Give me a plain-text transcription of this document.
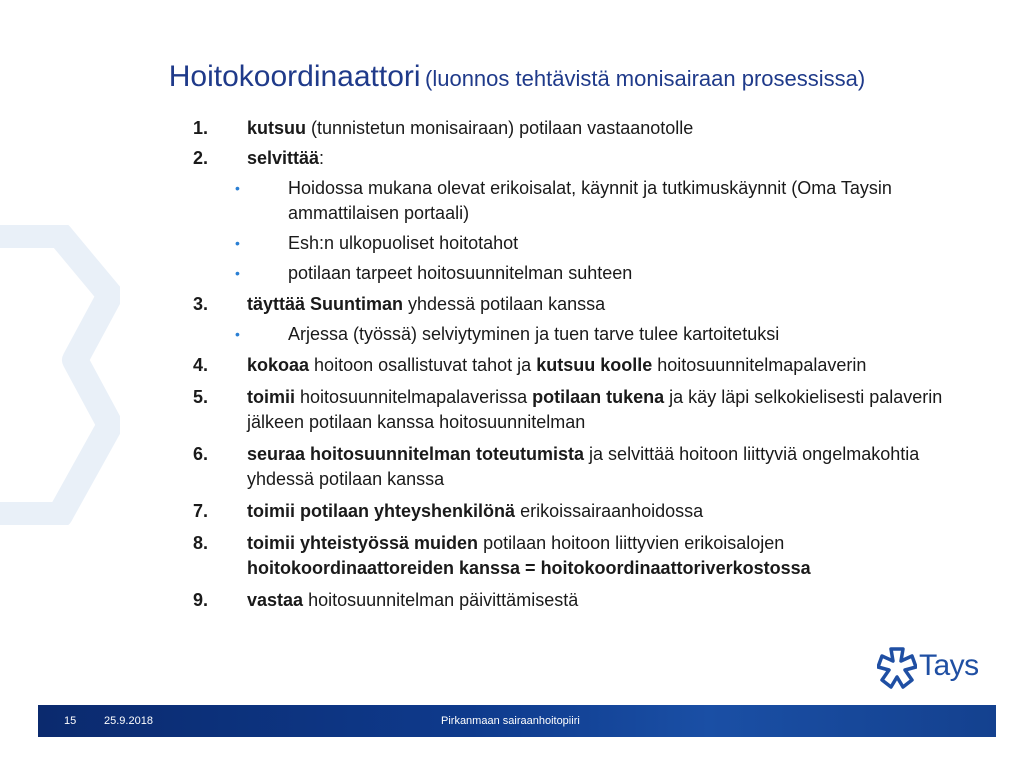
Hoitokoordinaattori (luonnos tehtävistä monisairaan prosessissa)
1. kutsuu (tunnistetun monisairaan) potilaan vastaanotolle
2. selvittää:
•	Hoidossa mukana olevat erikoisalat, käynnit ja tutkimuskäynnit (Oma Taysin ammattilaisen portaali)
•	Esh:n ulkopuoliset hoitotahot
•	potilaan tarpeet hoitosuunnitelman suhteen
3. täyttää Suuntiman yhdessä potilaan kanssa
•	Arjessa (työssä) selviytyminen ja tuen tarve tulee kartoitetuksi
4. kokoaa hoitoon osallistuvat tahot ja kutsuu koolle hoitosuunnitelmapalaverin
5. toimii hoitosuunnitelmapalaverissa potilaan tukena ja käy läpi selkokielisesti palaverin jälkeen potilaan kanssa hoitosuunnitelman
6. seuraa hoitosuunnitelman toteutumista ja selvittää hoitoon liittyviä ongelmakohtia yhdessä potilaan kanssa
7. toimii potilaan yhteyshenkilönä erikoissairaanhoidossa
8. toimii yhteistyössä muiden potilaan hoitoon liittyvien erikoisalojen hoitokoordinaattoreiden kanssa = hoitokoordinaattoriverkostossa
9. vastaa hoitosuunnitelman päivittämisestä
Tays
15	25.9.2018	Pirkanmaan sairaanhoitopiiri
